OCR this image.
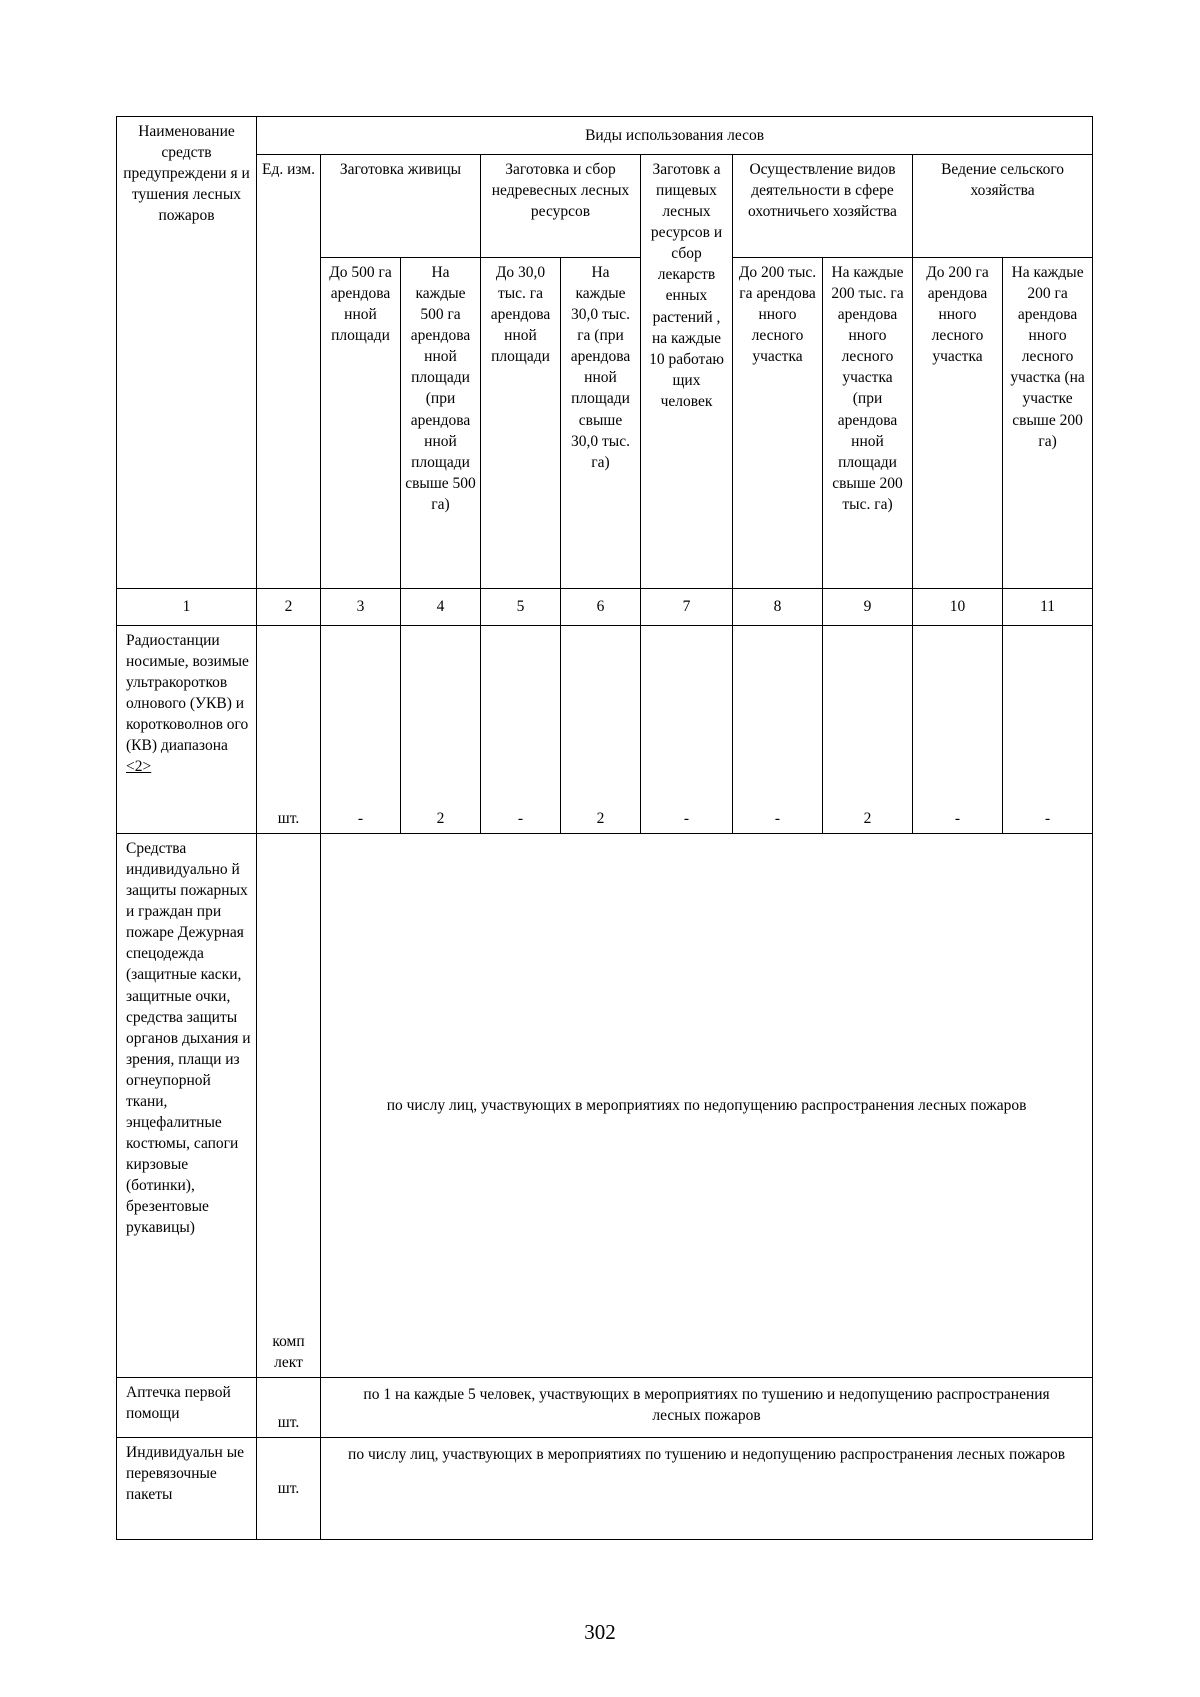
Наименование средств предупреждени я и тушения лесных пожаров	Виды использования лесов									
	Ед. изм.	Заготовка живицы		Заготовка и сбор недревесных лесных ресурсов		Заготовк а пищевых лесных ресурсов и сбор лекарств енных растений , на каждые 10 работаю щих человек	Осуществление видов деятельности в сфере охотничьего хозяйства		Ведение сельского хозяйства	
		До 500 га арендова нной площади	На каждые 500 га арендова нной площади (при арендова нной площади свыше 500 га)	До 30,0 тыс. га арендова нной площади	На каждые 30,0 тыс. га (при арендова нной площади свыше 30,0 тыс. га)		До 200 тыс. га арендова нного лесного участка	На каждые 200 тыс. га арендова нного лесного участка (при арендова нной площади свыше 200 тыс. га)	До 200 га арендова нного лесного участка	На каждые 200 га арендова нного лесного участка (на участке свыше 200 га)
1	2	3	4	5	6	7	8	9	10	11
Радиостанции носимые, возимые ультракоротков олнового (УКВ) и коротковолнов ого (КВ) диапазона <2>	шт.	-	2	-	2	-	-	2	-	-
Средства индивидуально й защиты пожарных и граждан при пожаре Дежурная спецодежда (защитные каски, защитные очки, средства защиты органов дыхания и зрения, плащи из огнеупорной ткани, энцефалитные костюмы, сапоги кирзовые (ботинки), брезентовые рукавицы)	комп лект	по числу лиц, участвующих в мероприятиях по недопущению распространения лесных пожаров								
Аптечка первой помощи	шт.	по 1 на каждые 5 человек, участвующих в мероприятиях по тушению и недопущению распространения лесных пожаров								
Индивидуальн ые перевязочные пакеты	шт.	по числу лиц, участвующих в мероприятиях по тушению и недопущению распространения лесных пожаров								
302
